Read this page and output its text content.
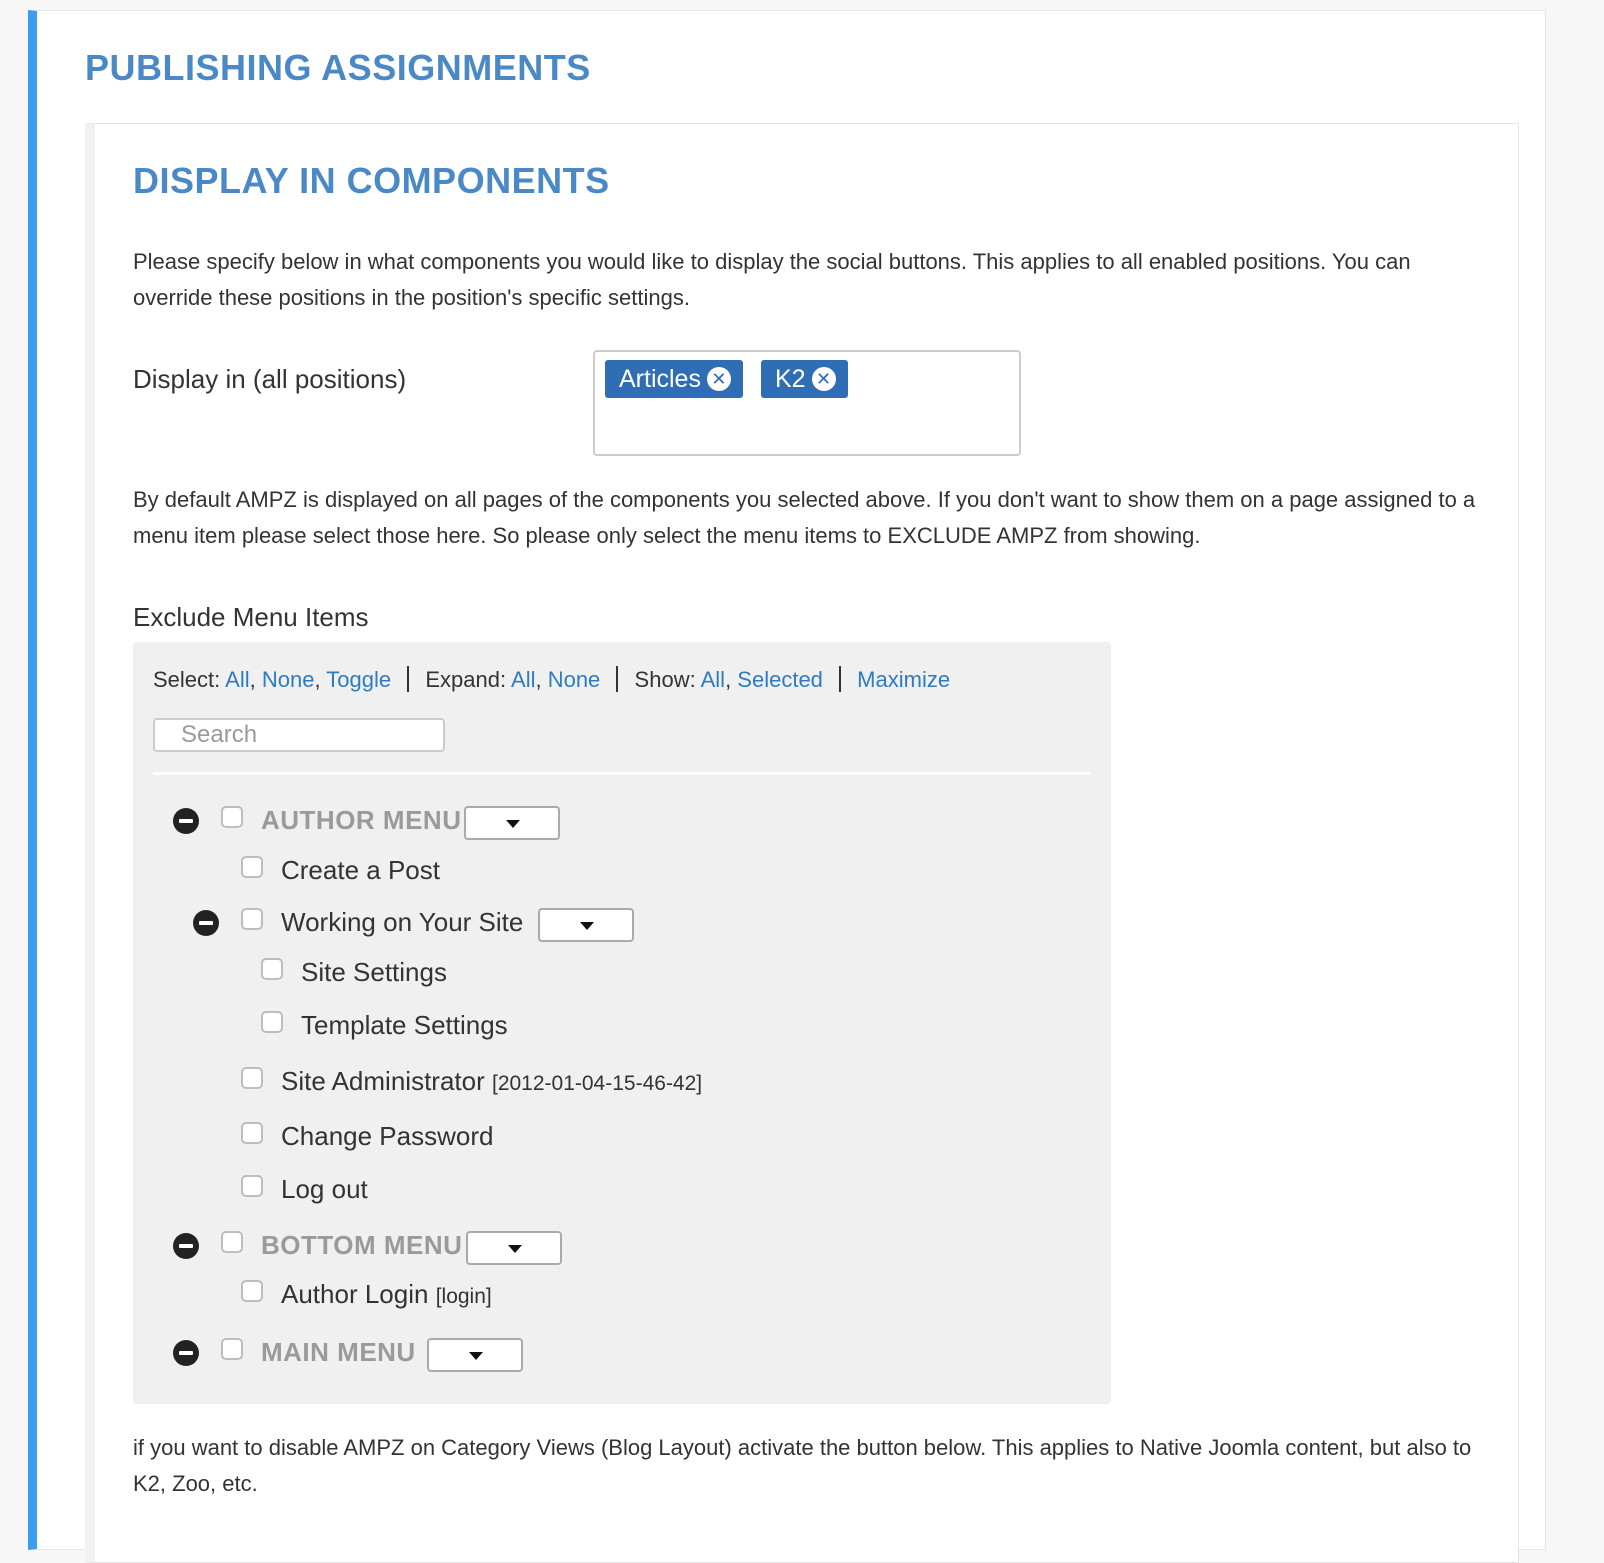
PUBLISHING ASSIGNMENTS
DISPLAY IN COMPONENTS

Please specify below in what components you would like to display the social buttons. This applies to all enabled positions. You can override these positions in the position's specific settings.

Display in (all positions)	Articles ✕	K2 ✕

By default AMPZ is displayed on all pages of the components you selected above. If you don't want to show them on a page assigned to a menu item please select those here. So please only select the menu items to EXCLUDE AMPZ from showing.

Exclude Menu Items
Select: All, None, Toggle Expand: All, None Show: All, Selected Maximize
Search
AUTHOR MENU
Create a Post
Working on Your Site
Site Settings
Template Settings
Site Administrator [2012-01-04-15-46-42]
Change Password
Log out
BOTTOM MENU
Author Login [login]
MAIN MENU

if you want to disable AMPZ on Category Views (Blog Layout) activate the button below. This applies to Native Joomla content, but also to K2, Zoo, etc.
